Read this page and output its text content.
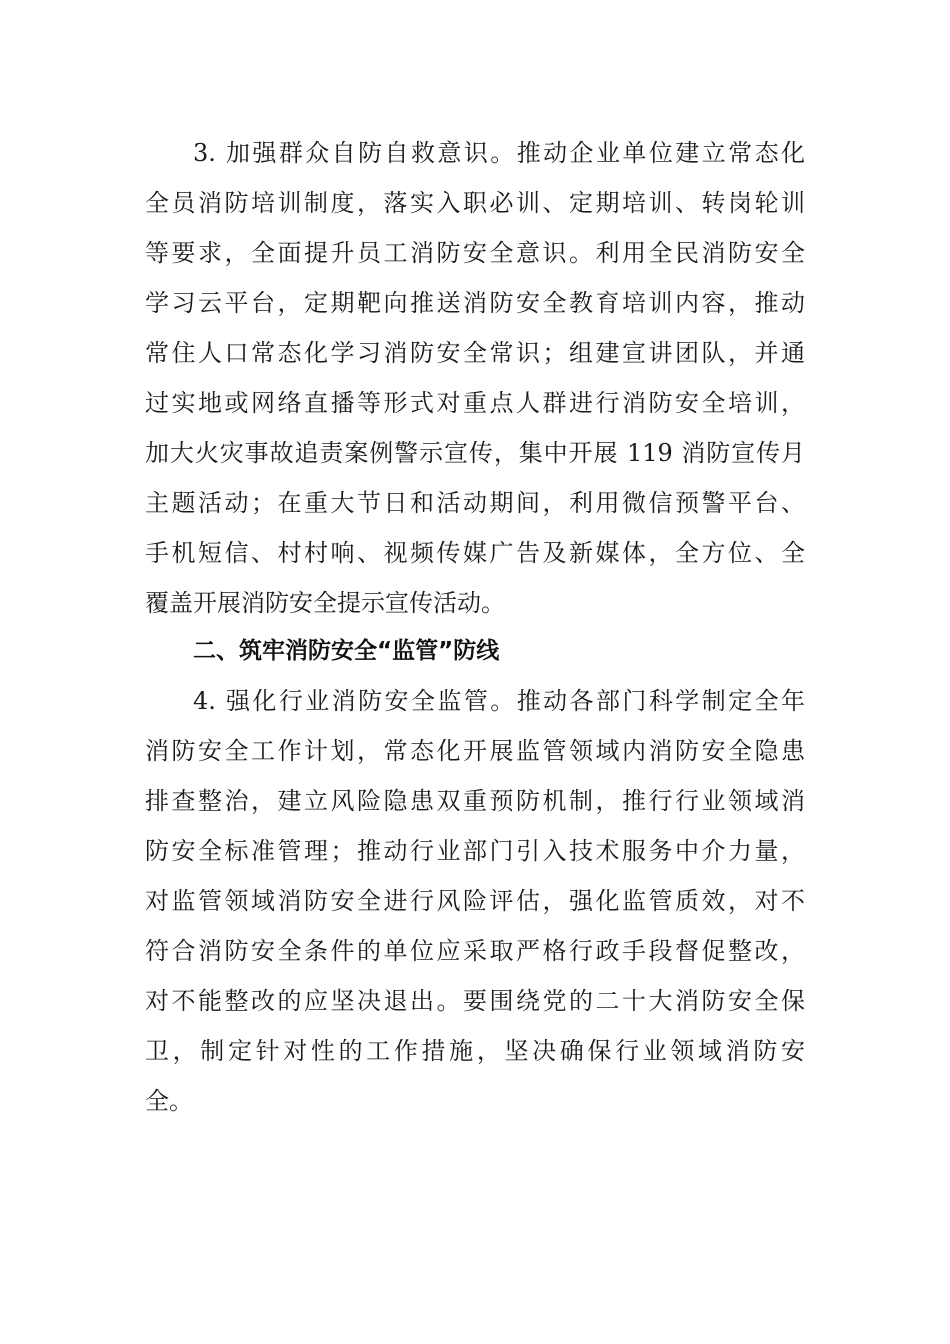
3. 加强群众自防自救意识。推动企业单位建立常态化
全员消防培训制度，落实入职必训、定期培训、转岗轮训
等要求，全面提升员工消防安全意识。利用全民消防安全
学习云平台，定期靶向推送消防安全教育培训内容，推动
常住人口常态化学习消防安全常识；组建宣讲团队，并通
过实地或网络直播等形式对重点人群进行消防安全培训，
加大火灾事故追责案例警示宣传，集中开展 119 消防宣传月
主题活动；在重大节日和活动期间，利用微信预警平台、
手机短信、村村响、视频传媒广告及新媒体，全方位、全
覆盖开展消防安全提示宣传活动。
二、筑牢消防安全“监管”防线
4. 强化行业消防安全监管。推动各部门科学制定全年
消防安全工作计划，常态化开展监管领域内消防安全隐患
排查整治，建立风险隐患双重预防机制，推行行业领域消
防安全标准管理；推动行业部门引入技术服务中介力量，
对监管领域消防安全进行风险评估，强化监管质效，对不
符合消防安全条件的单位应采取严格行政手段督促整改，
对不能整改的应坚决退出。要围绕党的二十大消防安全保
卫，制定针对性的工作措施，坚决确保行业领域消防安
全。
